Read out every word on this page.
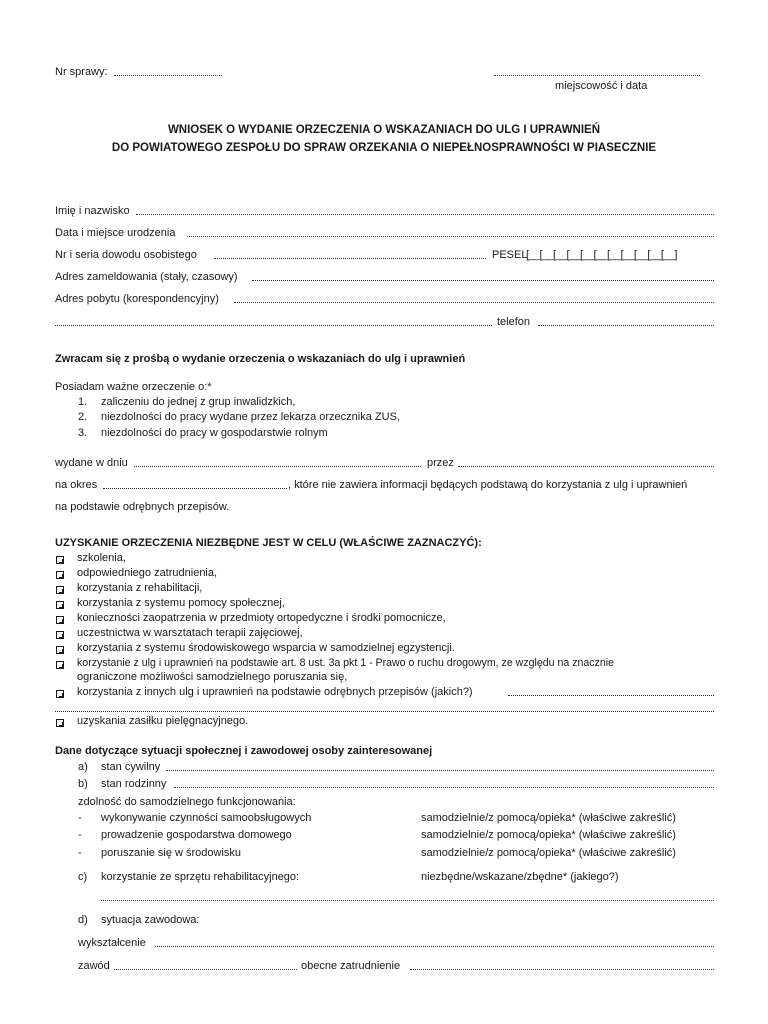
Nr sprawy:
miejscowość i data
WNIOSEK O WYDANIE ORZECZENIA O WSKAZANIACH DO ULG I UPRAWNIEŃ
DO POWIATOWEGO ZESPOŁU DO SPRAW ORZEKANIA O NIEPEŁNOSPRAWNOŚCI W PIASECZNIE
Imię i nazwisko
Data i miejsce urodzenia
Nr i seria dowodu osobistego	PESEL
[__[__[__[__[__[__[__[__[__[__[__]
Adres zameldowania (stały, czasowy)
Adres pobytu (korespondencyjny)
telefon
Zwracam się z prośbą o wydanie orzeczenia o wskazaniach do ulg i uprawnień
Posiadam ważne orzeczenie o:*
1. zaliczeniu do jednej z grup inwalidzkich,
2. niezdolności do pracy wydane przez lekarza orzecznika ZUS,
3. niezdolności do pracy w gospodarstwie rolnym
wydane w dniu	przez
na okres	, które nie zawiera informacji będących podstawą do korzystania z ulg i uprawnień
na podstawie odrębnych przepisów.
UZYSKANIE ORZECZENIA NIEZBĘDNE JEST W CELU (WŁAŚCIWE ZAZNACZYĆ):
szkolenia,
odpowiedniego zatrudnienia,
korzystania z rehabilitacji,
korzystania z systemu pomocy społecznej,
konieczności zaopatrzenia w przedmioty ortopedyczne i środki pomocnicze,
uczestnictwa w warsztatach terapii zajęciowej,
korzystania z systemu środowiskowego wsparcia w samodzielnej egzystencji.
korzystanie z ulg i uprawnień na podstawie art. 8 ust. 3a pkt 1 - Prawo o ruchu drogowym, ze względu na znacznie
ograniczone możliwości samodzielnego poruszania się,
korzystania z innych ulg i uprawnień na podstawie odrębnych przepisów (jakich?)
uzyskania zasiłku pielęgnacyjnego.
Dane dotyczące sytuacji społecznej i zawodowej osoby zainteresowanej
a) stan cywilny
b) stan rodzinny
zdolność do samodzielnego funkcjonowania:
- wykonywanie czynności samoobsługowych	samodzielnie/z pomocą/opieka* (właściwe zakreślić)
- prowadzenie gospodarstwa domowego	samodzielnie/z pomocą/opieka* (właściwe zakreślić)
- poruszanie się w środowisku	samodzielnie/z pomocą/opieka* (właściwe zakreślić)
c) korzystanie ze sprzętu rehabilitacyjnego:	niezbędne/wskazane/zbędne* (jakiego?)
d) sytuacja zawodowa:
wykształcenie
zawód	obecne zatrudnienie
